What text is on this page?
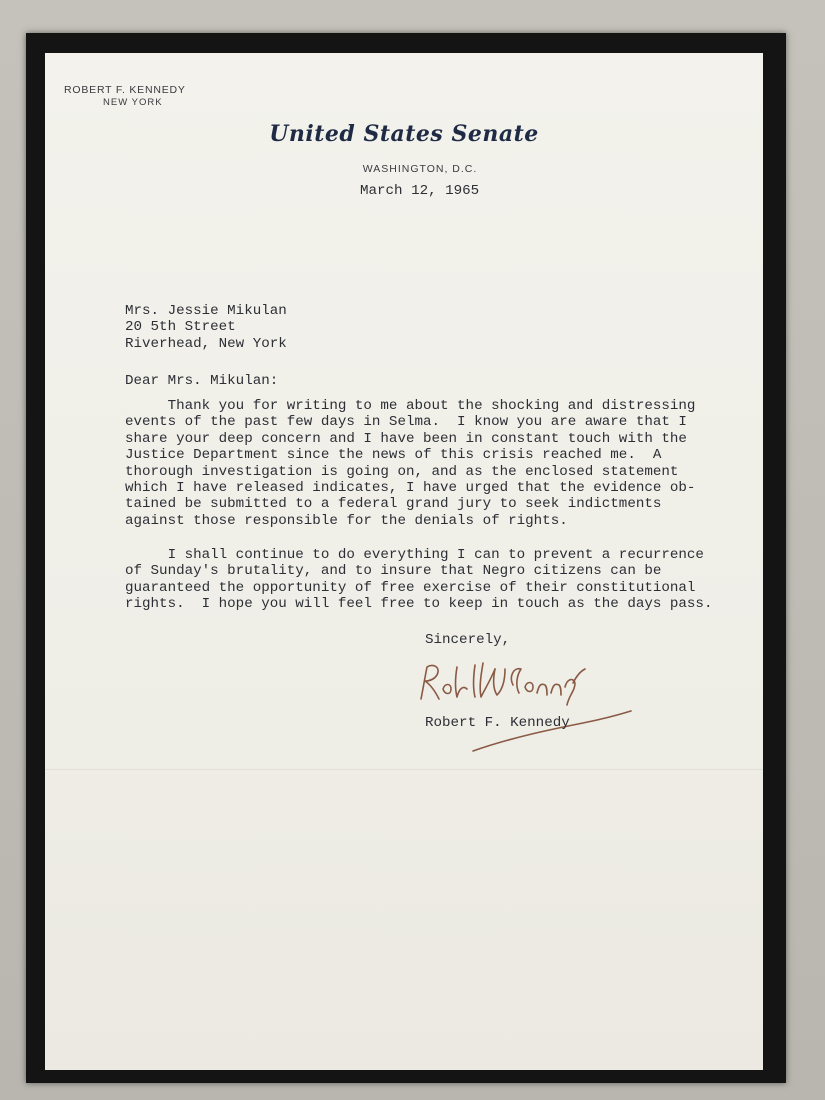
ROBERT F. KENNEDY
NEW YORK
United States Senate
WASHINGTON, D.C.
March 12, 1965
Mrs. Jessie Mikulan
20 5th Street
Riverhead, New York
Dear Mrs. Mikulan:
Thank you for writing to me about the shocking and distressing
events of the past few days in Selma.  I know you are aware that I
share your deep concern and I have been in constant touch with the
Justice Department since the news of this crisis reached me.  A
thorough investigation is going on, and as the enclosed statement
which I have released indicates, I have urged that the evidence ob-
tained be submitted to a federal grand jury to seek indictments
against those responsible for the denials of rights.
I shall continue to do everything I can to prevent a recurrence
of Sunday's brutality, and to insure that Negro citizens can be
guaranteed the opportunity of free exercise of their constitutional
rights.  I hope you will feel free to keep in touch as the days pass.
Sincerely,
Robert F. Kennedy
